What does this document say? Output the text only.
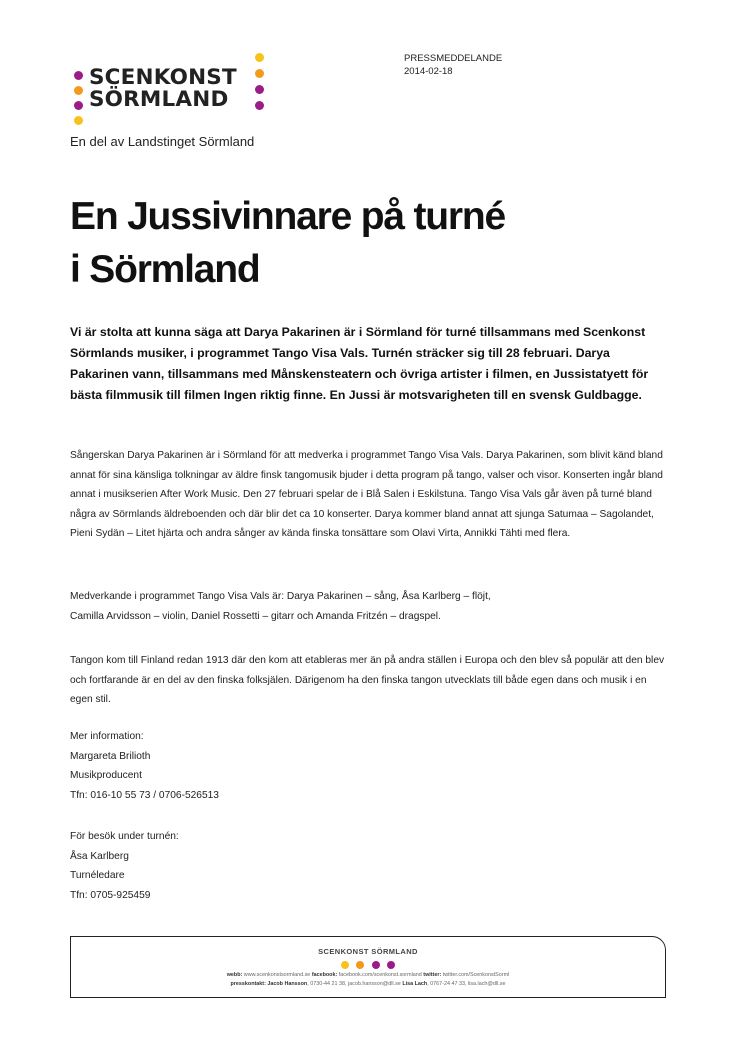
SCENKONST
SÖRMLAND
En del av Landstinget Sörmland
PRESSMEDDELANDE
2014-02-18
En Jussivinnare på turné
i Sörmland

Vi är stolta att kunna säga att Darya Pakarinen är i Sörmland för turné tillsammans med Scenkonst Sörmlands musiker, i programmet Tango Visa Vals. Turnén sträcker sig till 28 februari. Darya Pakarinen vann, tillsammans med Månskensteatern och övriga artister i filmen, en Jussistatyett för bästa filmmusik till filmen Ingen riktig finne. En Jussi är motsvarigheten till en svensk Guldbagge.

Sångerskan Darya Pakarinen är i Sörmland för att medverka i programmet Tango Visa Vals. Darya Pakarinen, som blivit känd bland annat för sina känsliga tolkningar av äldre finsk tangomusik bjuder i detta program på tango, valser och visor. Konserten ingår bland annat i musikserien After Work Music. Den 27 februari spelar de i Blå Salen i Eskilstuna. Tango Visa Vals går även på turné bland några av Sörmlands äldreboenden och där blir det ca 10 konserter. Darya kommer bland annat att sjunga Satumaa – Sagolandet, Pieni Sydän – Litet hjärta och andra sånger av kända finska tonsättare som Olavi Virta, Annikki Tähti med flera.

Medverkande i programmet Tango Visa Vals är: Darya Pakarinen – sång, Åsa Karlberg – flöjt,
Camilla Arvidsson – violin, Daniel Rossetti – gitarr och Amanda Fritzén – dragspel.

Tangon kom till Finland redan 1913 där den kom att etableras mer än på andra ställen i Europa och den blev så populär att den blev och fortfarande är en del av den finska folksjälen. Därigenom ha den finska tangon utvecklats till både egen dans och musik i en egen stil.

Mer information:
Margareta Brilioth
Musikproducent
Tfn: 016-10 55 73 / 0706-526513
För besök under turnén:
Åsa Karlberg
Turnéledare
Tfn: 0705-925459
SCENKONST SÖRMLAND

webb: www.scenkonstsormland.se facebook: facebook.com/scenkonst.sormland twitter: twitter.com/ScenkonstSorml
presskontakt: Jacob Hansson, 0730-44 21 38, jacob.hansson@dll.se Lisa Lach, 0767-24 47 33, lisa.lach@dll.se
